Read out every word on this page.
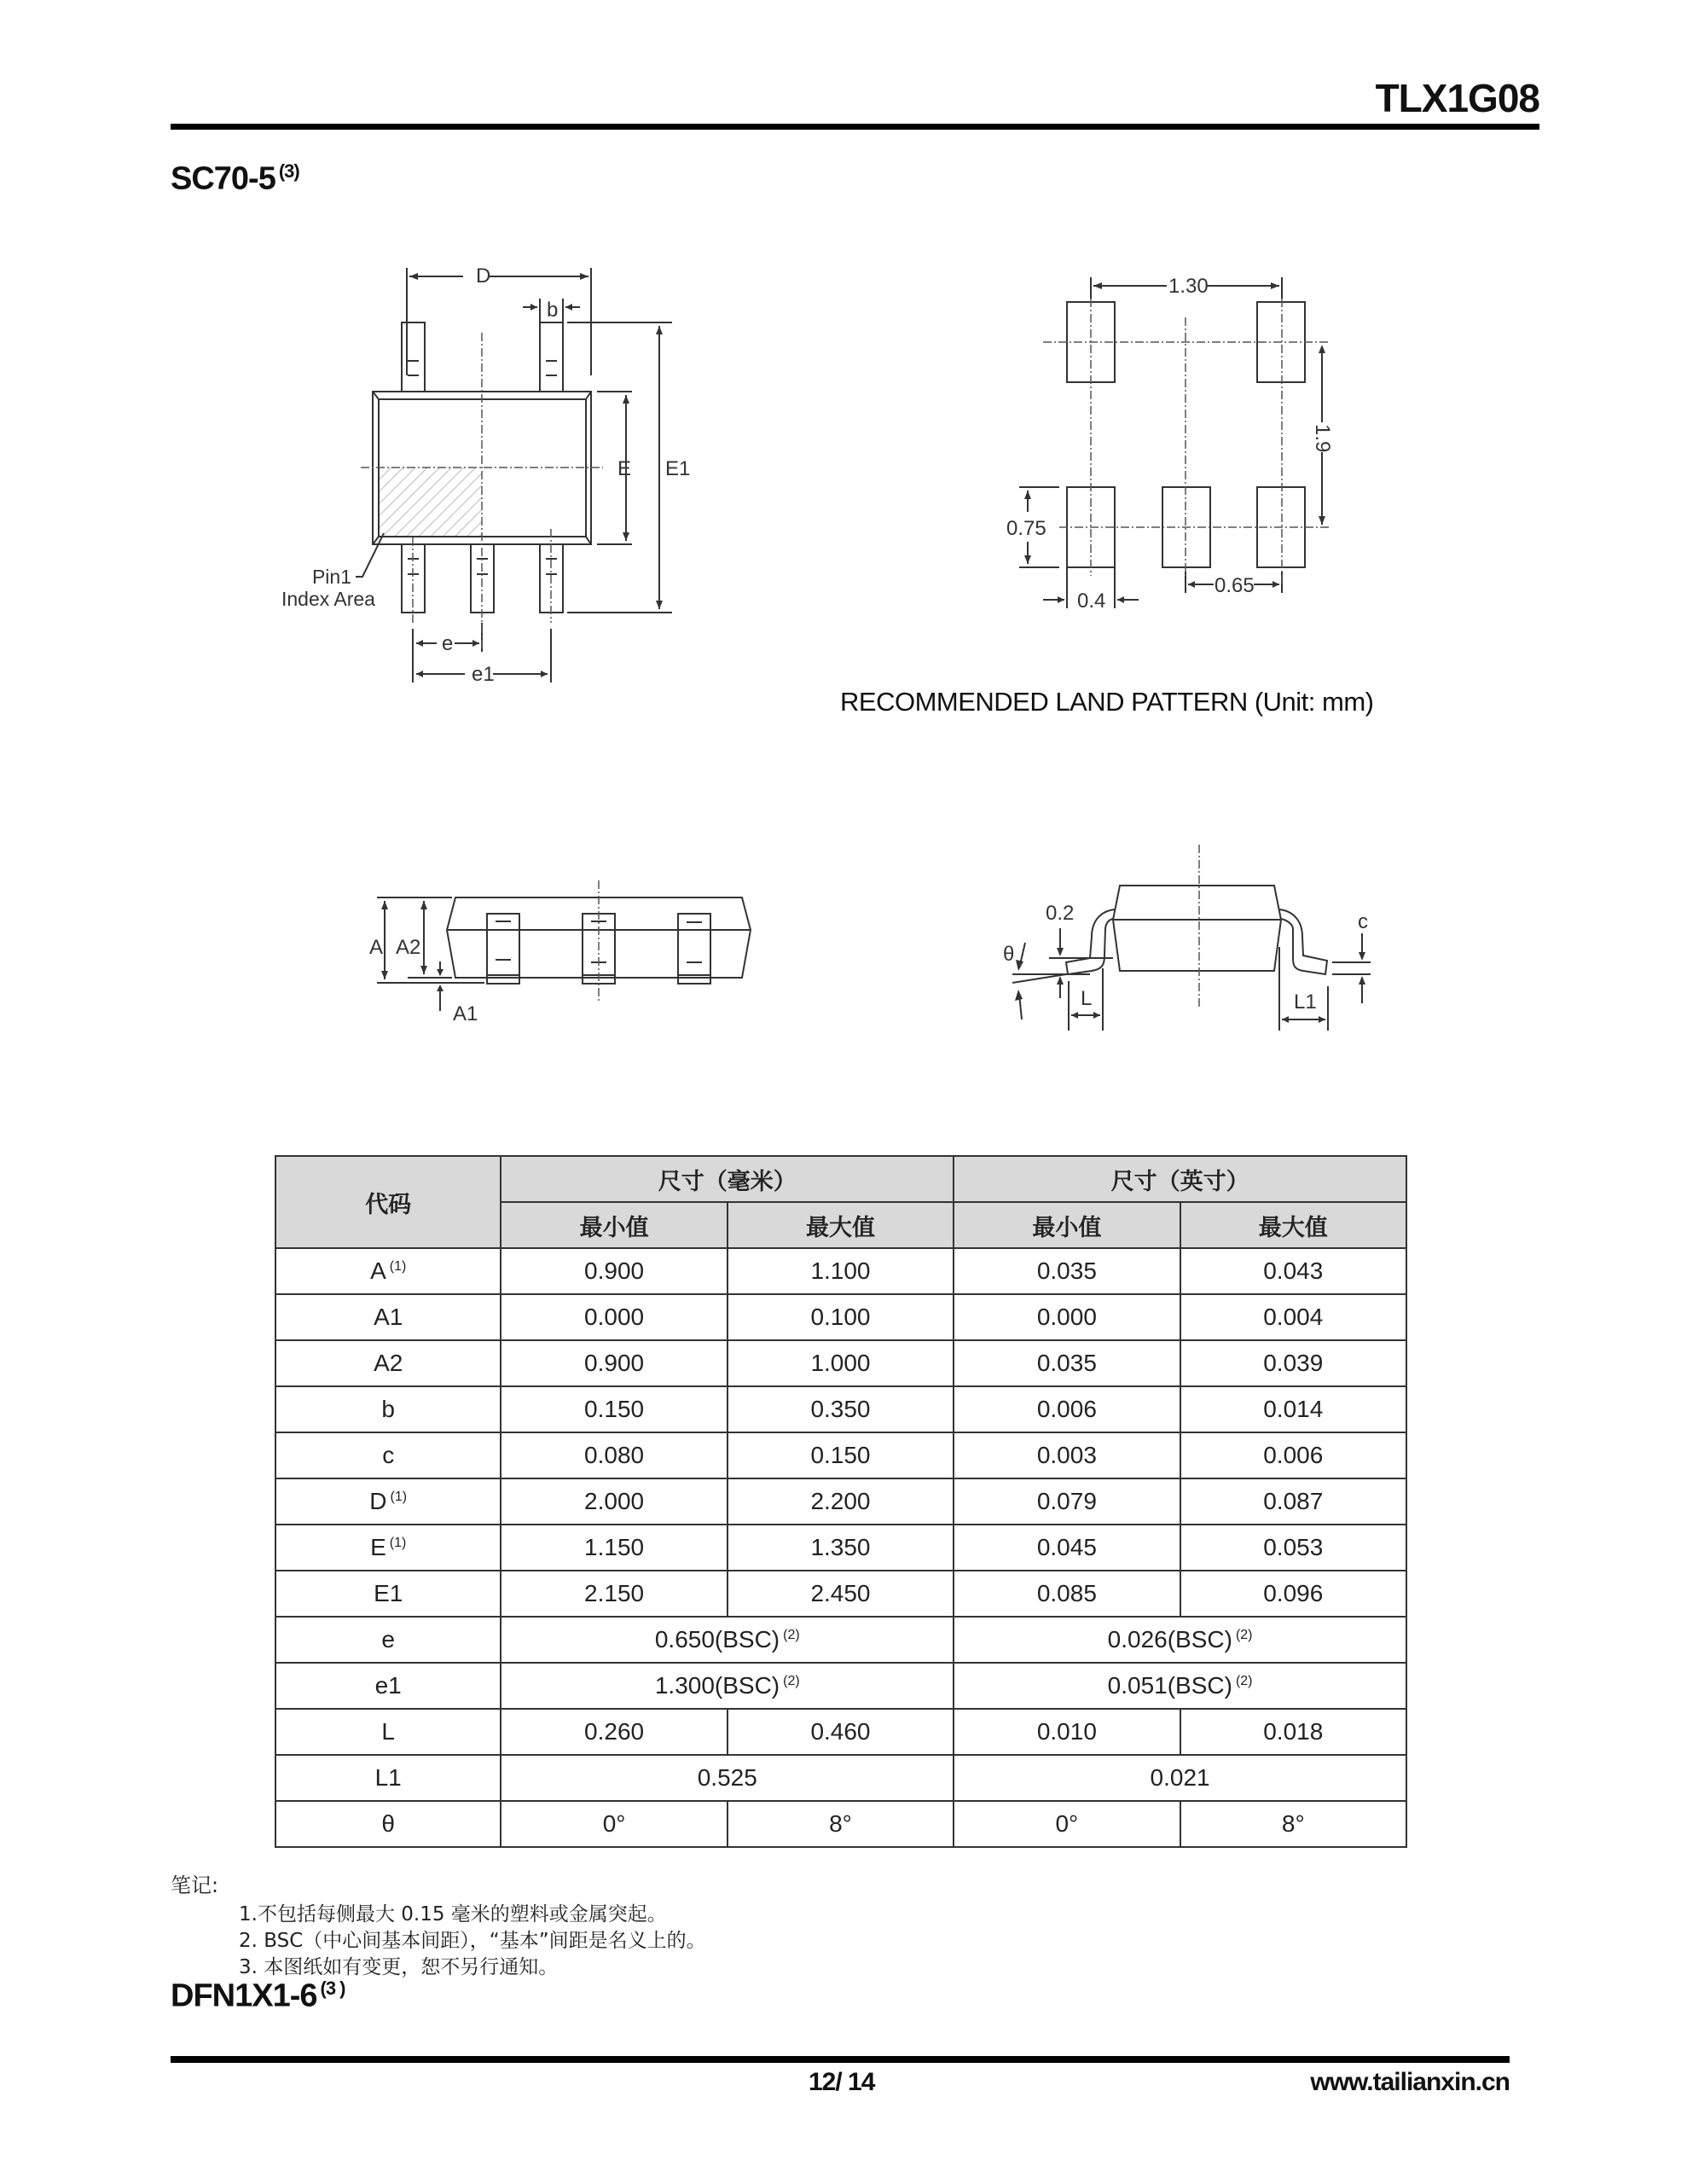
TLX1G08
SC70-5 $^{(3)}$
D
b
E E1
e
e1
Pin1
Index Area
1.30
1.9
0.75
0.4
0.65
RECOMMENDED LAND PATTERN (Unit: mm)
A A2
A1
0.2
θ
L	L1
c
代码	尺寸（毫米）		尺寸（英寸）	
	最小值	最大值	最小值	最大值
A $^{(1)}$	0.900	1.100	0.035	0.043
A1	0.000	0.100	0.000	0.004
A2	0.900	1.000	0.035	0.039
b	0.150	0.350	0.006	0.014
c	0.080	0.150	0.003	0.006
D $^{(1)}$	2.000	2.200	0.079	0.087
E $^{(1)}$	1.150	1.350	0.045	0.053
E1	2.150	2.450	0.085	0.096
e	0.650(BSC) $^{(2)}$		0.026(BSC) $^{(2)}$
e1	1.300(BSC) $^{(2)}$		0.051(BSC) $^{(2)}$
L	0.260	0.460	0.010	0.018
L1	0.525		0.021	
θ	0°	8°	0°	8°
笔记:
1.不包括每侧最大 0.15 毫米的塑料或金属突起。
2. BSC（中心间基本间距），“基本”间距是名义上的。
3. 本图纸如有变更，恕不另行通知。
DFN1X1-6 $^{(3 )}$
12/ 14	www.tailianxin.cn
